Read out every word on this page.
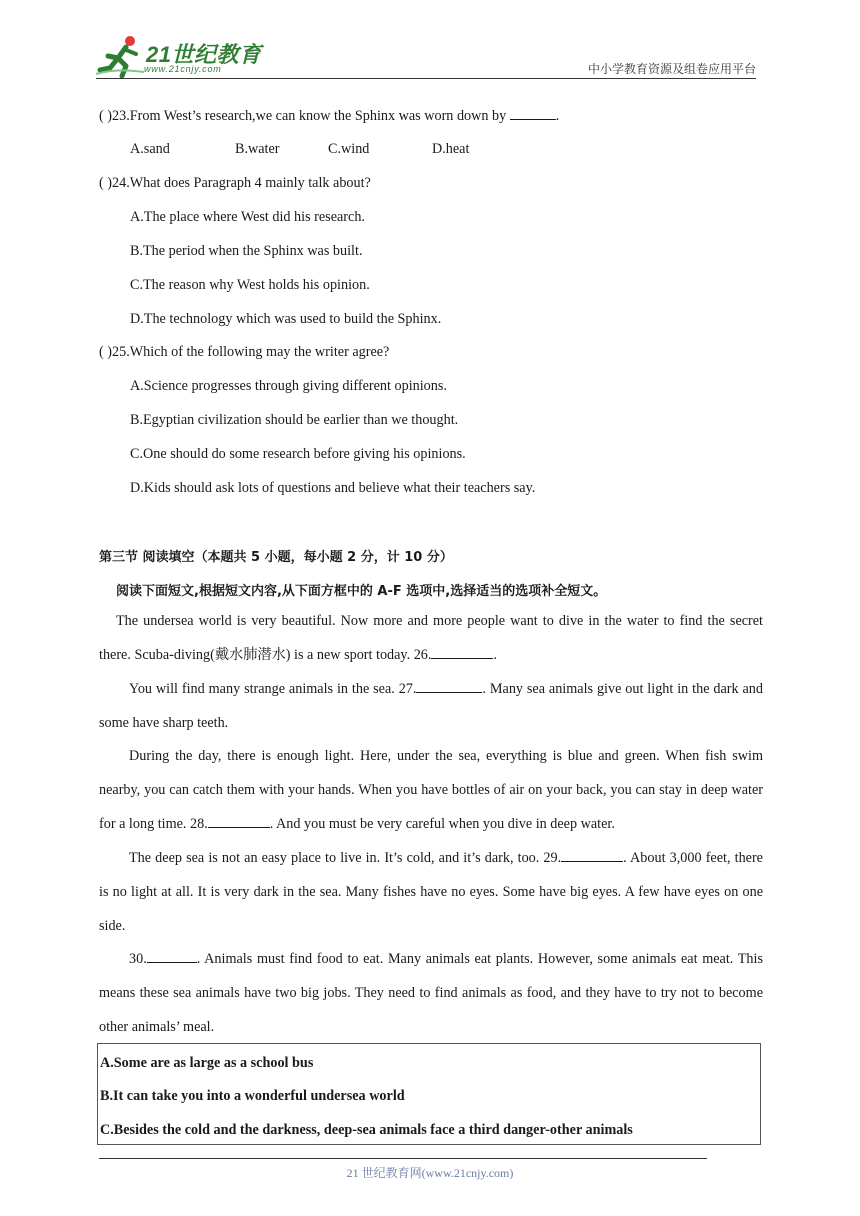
21世纪教育
www.21cnjy.com	中小学教育资源及组卷应用平台
( )23.From West’s research,we can know the Sphinx was worn down by	.
A.sand	B.water	C.wind	D.heat
( )24.What does Paragraph 4 mainly talk about?
A.The place where West did his research.
B.The period when the Sphinx was built.
C.The reason why West holds his opinion.
D.The technology which was used to build the Sphinx.
( )25.Which of the following may the writer agree?
A.Science progresses through giving different opinions.
B.Egyptian civilization should be earlier than we thought.
C.One should do some research before giving his opinions.
D.Kids should ask lots of questions and believe what their teachers say.
第三节 阅读填空（本题共 5 小题，每小题 2 分，计 10 分）
阅读下面短文,根据短文内容,从下面方框中的 A-F 选项中,选择适当的选项补全短文。
The undersea world is very beautiful. Now more and more people want to dive in the water to find the secret there. Scuba-diving(戴水肺潜水) is a new sport today. 26.	.
You will find many strange animals in the sea. 27.	. Many sea animals give out light in the dark and some have sharp teeth.
During the day, there is enough light. Here, under the sea, everything is blue and green. When fish swim nearby, you can catch them with your hands. When you have bottles of air on your back, you can stay in deep water for a long time. 28.	. And you must be very careful when you dive in deep water.
The deep sea is not an easy place to live in. It’s cold, and it’s dark, too. 29.	. About 3,000 feet, there is no light at all. It is very dark in the sea. Many fishes have no eyes. Some have big eyes. A few have eyes on one side.
30.	. Animals must find food to eat. Many animals eat plants. However, some animals eat meat. This means these sea animals have two big jobs. They need to find animals as food, and they have to try not to become other animals’ meal.
A.Some are as large as a school bus
B.It can take you into a wonderful undersea world
C.Besides the cold and the darkness, deep-sea animals face a third danger-other animals
21 世纪教育网(www.21cnjy.com)
